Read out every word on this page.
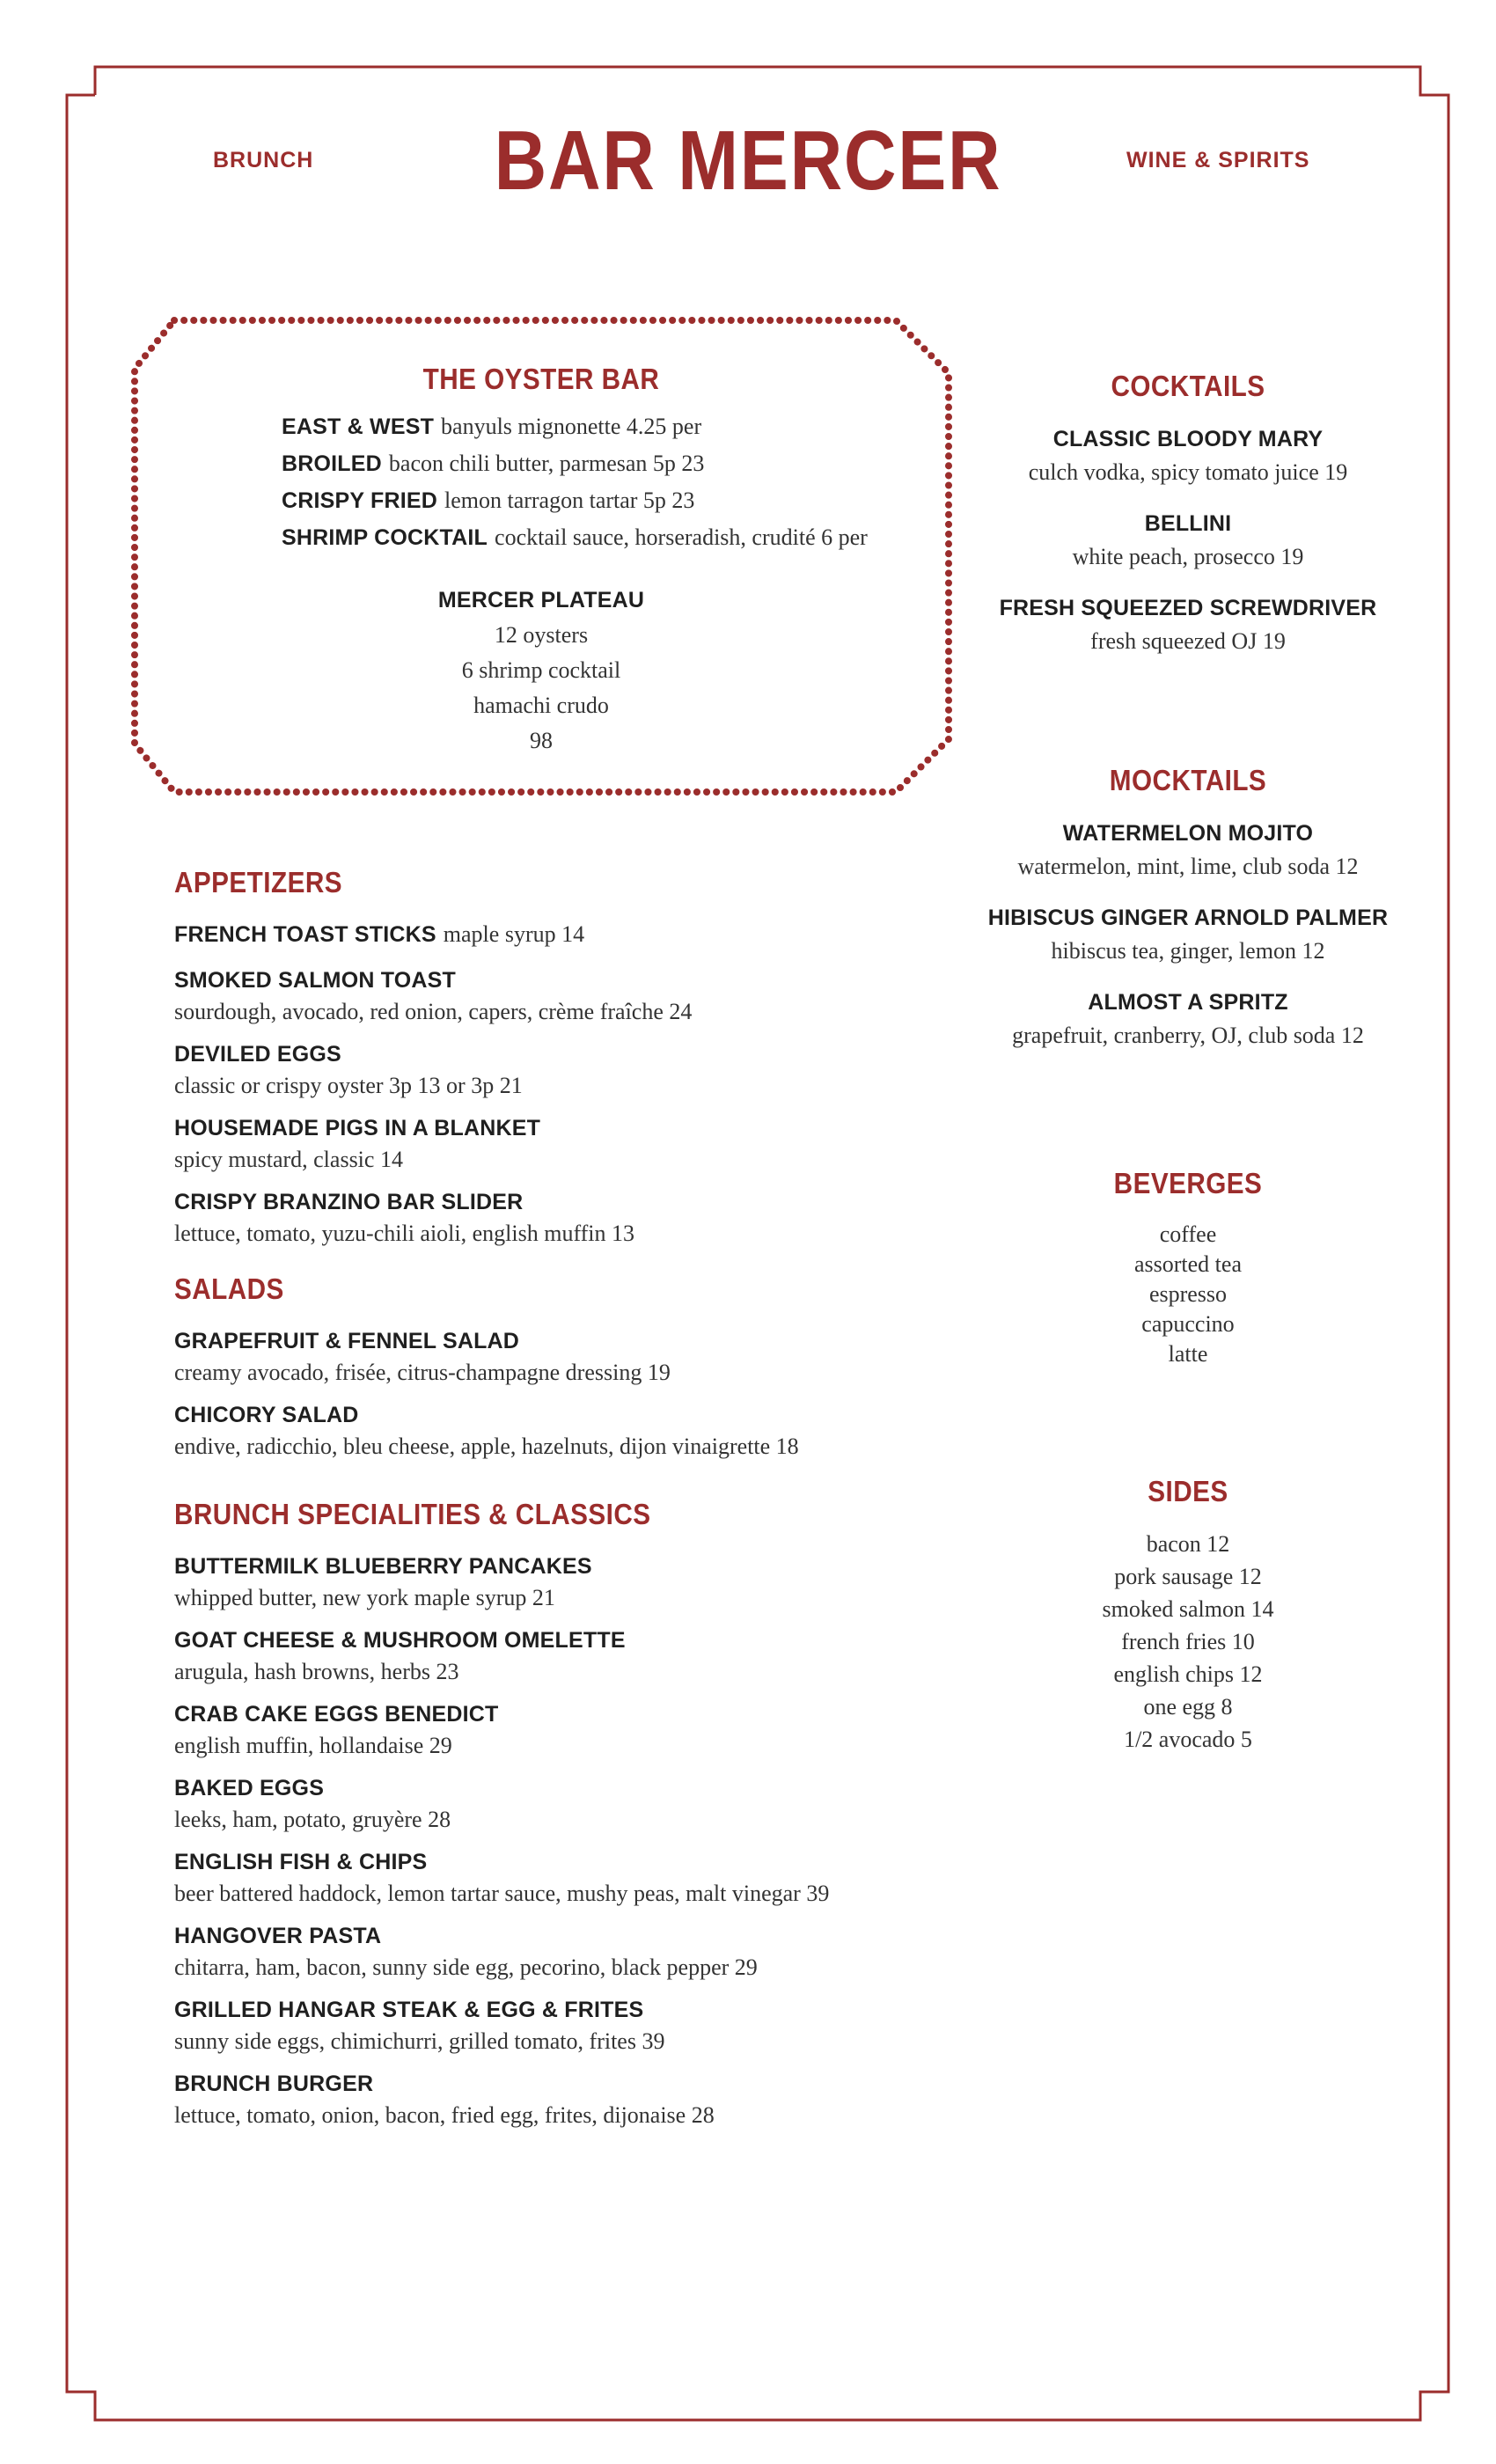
BRUNCH	BAR MERCER	WINE & SPIRITS
THE OYSTER BAR
EAST & WEST banyuls mignonette 4.25 per
BROILED bacon chili butter, parmesan 5p 23
CRISPY FRIED lemon tarragon tartar 5p 23
SHRIMP COCKTAIL cocktail sauce, horseradish, crudité 6 per
MERCER PLATEAU
12 oysters
6 shrimp cocktail
hamachi crudo
98
APPETIZERS
FRENCH TOAST STICKS maple syrup 14
SMOKED SALMON TOAST
sourdough, avocado, red onion, capers, crème fraîche 24
DEVILED EGGS
classic or crispy oyster 3p 13 or 3p 21
HOUSEMADE PIGS IN A BLANKET
spicy mustard, classic 14
CRISPY BRANZINO BAR SLIDER
lettuce, tomato, yuzu-chili aioli, english muffin 13
SALADS
GRAPEFRUIT & FENNEL SALAD
creamy avocado, frisée, citrus-champagne dressing 19
CHICORY SALAD
endive, radicchio, bleu cheese, apple, hazelnuts, dijon vinaigrette 18
BRUNCH SPECIALITIES & CLASSICS
BUTTERMILK BLUEBERRY PANCAKES
whipped butter, new york maple syrup 21
GOAT CHEESE & MUSHROOM OMELETTE
arugula, hash browns, herbs 23
CRAB CAKE EGGS BENEDICT
english muffin, hollandaise 29
BAKED EGGS
leeks, ham, potato, gruyère 28
ENGLISH FISH & CHIPS
beer battered haddock, lemon tartar sauce, mushy peas, malt vinegar 39
HANGOVER PASTA
chitarra, ham, bacon, sunny side egg, pecorino, black pepper 29
GRILLED HANGAR STEAK & EGG & FRITES
sunny side eggs, chimichurri, grilled tomato, frites 39
BRUNCH BURGER
lettuce, tomato, onion, bacon, fried egg, frites, dijonaise 28
COCKTAILS
CLASSIC BLOODY MARY
culch vodka, spicy tomato juice 19
BELLINI
white peach, prosecco 19
FRESH SQUEEZED SCREWDRIVER
fresh squeezed OJ 19
MOCKTAILS
WATERMELON MOJITO
watermelon, mint, lime, club soda 12
HIBISCUS GINGER ARNOLD PALMER
hibiscus tea, ginger, lemon 12
ALMOST A SPRITZ
grapefruit, cranberry, OJ, club soda 12
BEVERGES
coffee
assorted tea
espresso
capuccino
latte
SIDES
bacon 12
pork sausage 12
smoked salmon 14
french fries 10
english chips 12
one egg 8
1/2 avocado 5
